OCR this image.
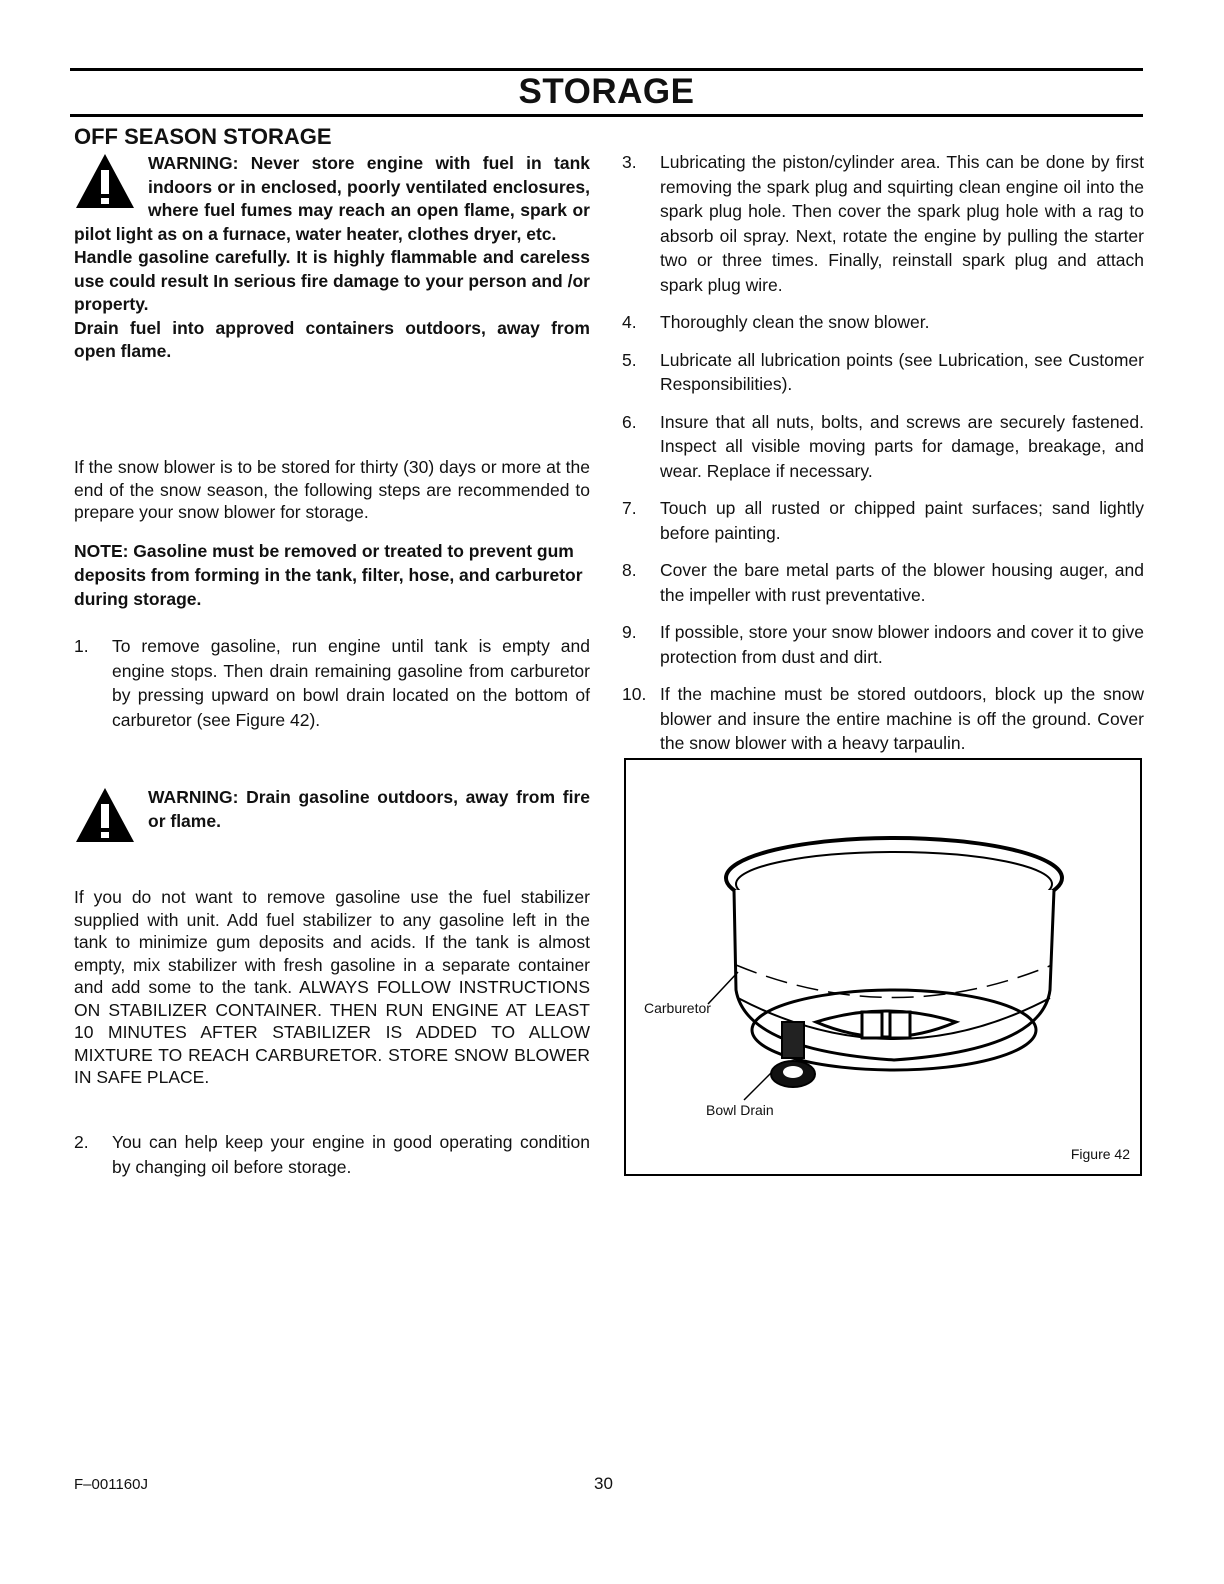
STORAGE
OFF SEASON STORAGE
WARNING: Never store engine with fuel in tank indoors or in enclosed, poorly ventilated enclosures, where fuel fumes may reach an open flame, spark or pilot light as on a furnace, water heater, clothes dryer, etc.
Handle gasoline carefully. It is highly flammable and careless use could result In serious fire damage to your person and /or property.
Drain fuel into approved containers outdoors, away from open flame.
If the snow blower is to be stored for thirty (30) days or more at the end of the snow season, the following steps are recommended to prepare your snow blower for storage.
NOTE: Gasoline must be removed or treated to prevent gum deposits from forming in the tank, filter, hose, and carburetor during storage.
1. To remove gasoline, run engine until tank is empty and engine stops. Then drain remaining gasoline from carburetor by pressing upward on bowl drain located on the bottom of carburetor (see Figure 42).
WARNING: Drain gasoline outdoors, away from fire or flame.
If you do not want to remove gasoline use the fuel stabilizer supplied with unit. Add fuel stabilizer to any gasoline left in the tank to minimize gum deposits and acids. If the tank is almost empty, mix stabilizer with fresh gasoline in a separate container and add some to the tank. ALWAYS FOLLOW INSTRUCTIONS ON STABILIZER CONTAINER. THEN RUN ENGINE AT LEAST 10 MINUTES AFTER STABILIZER IS ADDED TO ALLOW MIXTURE TO REACH CARBURETOR. STORE SNOW BLOWER IN SAFE PLACE.
2. You can help keep your engine in good operating condition by changing oil before storage.
3. Lubricating the piston/cylinder area. This can be done by first removing the spark plug and squirting clean engine oil into the spark plug hole. Then cover the spark plug hole with a rag to absorb oil spray. Next, rotate the engine by pulling the starter two or three times. Finally, reinstall spark plug and attach spark plug wire.
4. Thoroughly clean the snow blower.
5. Lubricate all lubrication points (see Lubrication, see Customer Responsibilities).
6. Insure that all nuts, bolts, and screws are securely fastened. Inspect all visible moving parts for damage, breakage, and wear. Replace if necessary.
7. Touch up all rusted or chipped paint surfaces; sand lightly before painting.
8. Cover the bare metal parts of the blower housing auger, and the impeller with rust preventative.
9. If possible, store your snow blower indoors and cover it to give protection from dust and dirt.
10. If the machine must be stored outdoors, block up the snow blower and insure the entire machine is off the ground. Cover the snow blower with a heavy tarpaulin.
Carburetor
Bowl Drain
Figure 42
F–001160J	30
